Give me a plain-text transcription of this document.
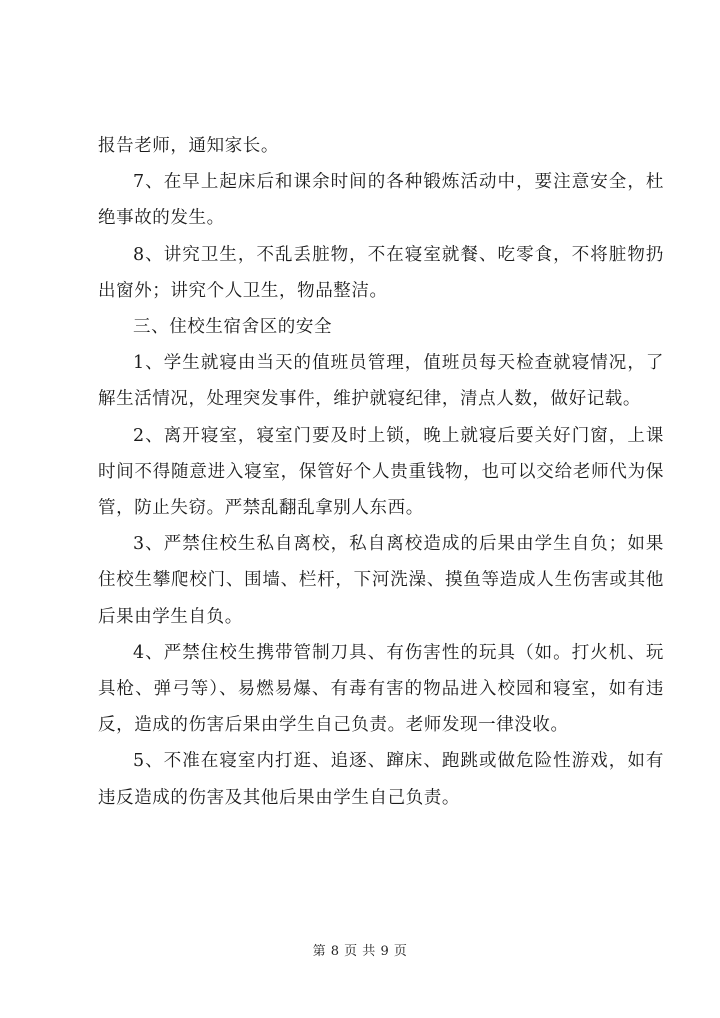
报告老师，通知家长。

7、在早上起床后和课余时间的各种锻炼活动中，要注意安全，杜绝事故的发生。

8、讲究卫生，不乱丢脏物，不在寝室就餐、吃零食，不将脏物扔出窗外；讲究个人卫生，物品整洁。

三、住校生宿舍区的安全

1、学生就寝由当天的值班员管理，值班员每天检查就寝情况，了解生活情况，处理突发事件，维护就寝纪律，清点人数，做好记载。

2、离开寝室，寝室门要及时上锁，晚上就寝后要关好门窗，上课时间不得随意进入寝室，保管好个人贵重钱物，也可以交给老师代为保管，防止失窃。严禁乱翻乱拿别人东西。

3、严禁住校生私自离校，私自离校造成的后果由学生自负；如果住校生攀爬校门、围墙、栏杆，下河洗澡、摸鱼等造成人生伤害或其他后果由学生自负。

4、严禁住校生携带管制刀具、有伤害性的玩具（如。打火机、玩具枪、弹弓等）、易燃易爆、有毒有害的物品进入校园和寝室，如有违反，造成的伤害后果由学生自己负责。老师发现一律没收。

5、不准在寝室内打逛、追逐、蹿床、跑跳或做危险性游戏，如有违反造成的伤害及其他后果由学生自己负责。

第 8 页 共 9 页
